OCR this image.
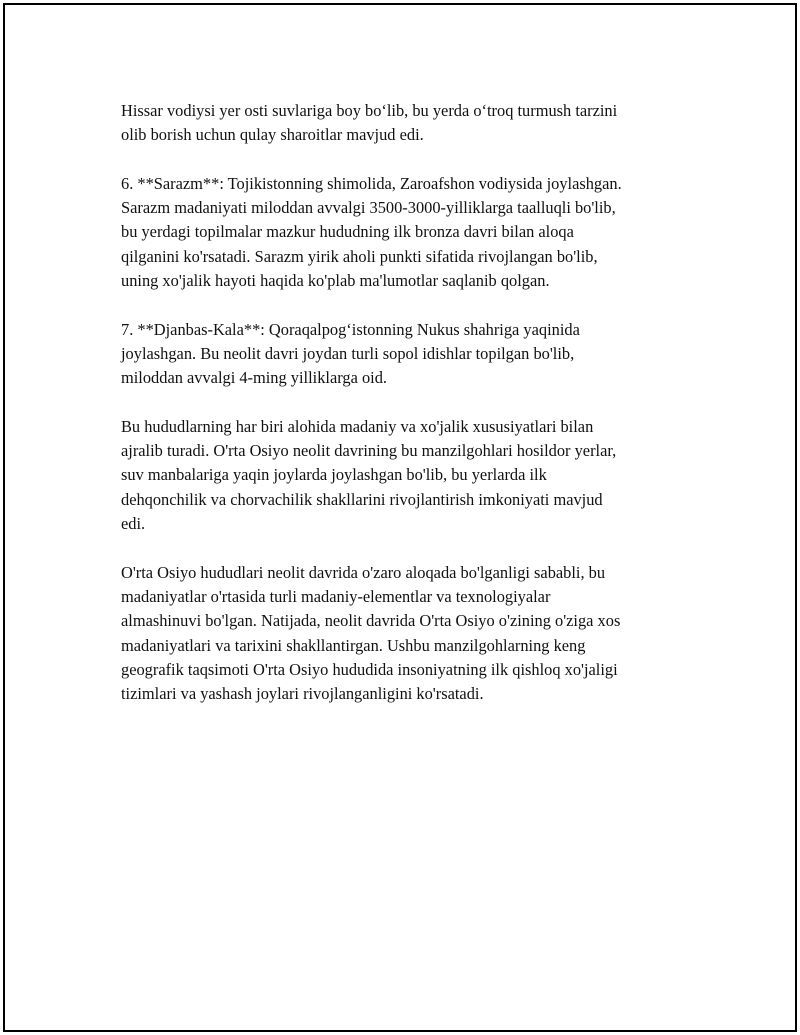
Hissar vodiysi yer osti suvlariga boy bo‘lib, bu yerda o‘troq turmush tarzini
olib borish uchun qulay sharoitlar mavjud edi.

6. **Sarazm**: Tojikistonning shimolida, Zaroafshon vodiysida joylashgan.
Sarazm madaniyati miloddan avvalgi 3500-3000-yilliklarga taalluqli bo'lib,
bu yerdagi topilmalar mazkur hududning ilk bronza davri bilan aloqa
qilganini ko'rsatadi. Sarazm yirik aholi punkti sifatida rivojlangan bo'lib,
uning xo'jalik hayoti haqida ko'plab ma'lumotlar saqlanib qolgan.

7. **Djanbas-Kala**: Qoraqalpog‘istonning Nukus shahriga yaqinida
joylashgan. Bu neolit davri joydan turli sopol idishlar topilgan bo'lib,
miloddan avvalgi 4-ming yilliklarga oid.

Bu hududlarning har biri alohida madaniy va xo'jalik xususiyatlari bilan
ajralib turadi. O'rta Osiyo neolit davrining bu manzilgohlari hosildor yerlar,
suv manbalariga yaqin joylarda joylashgan bo'lib, bu yerlarda ilk
dehqonchilik va chorvachilik shakllarini rivojlantirish imkoniyati mavjud
edi.

O'rta Osiyo hududlari neolit davrida o'zaro aloqada bo'lganligi sababli, bu
madaniyatlar o'rtasida turli madaniy-elementlar va texnologiyalar
almashinuvi bo'lgan. Natijada, neolit davrida O'rta Osiyo o'zining o'ziga xos
madaniyatlari va tarixini shakllantirgan. Ushbu manzilgohlarning keng
geografik taqsimoti O'rta Osiyo hududida insoniyatning ilk qishloq xo'jaligi
tizimlari va yashash joylari rivojlanganligini ko'rsatadi.
